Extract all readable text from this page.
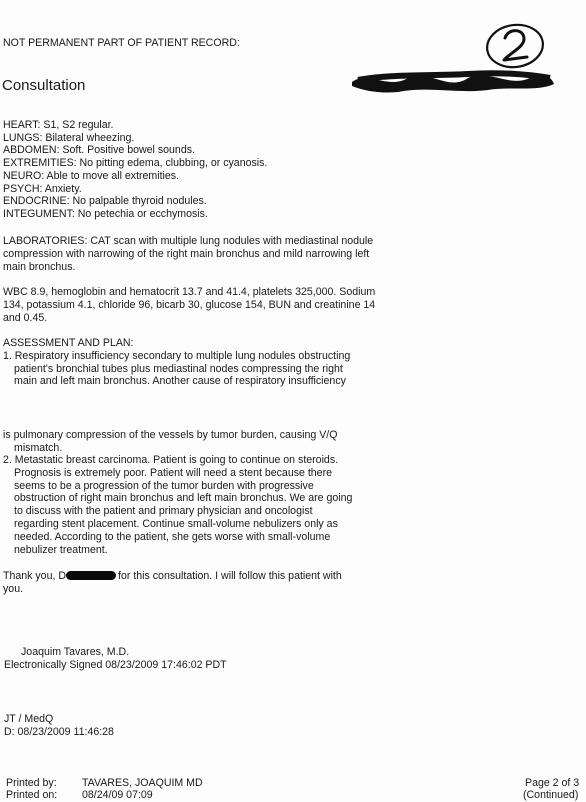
NOT PERMANENT PART OF PATIENT RECORD:
Consultation
HEART: S1, S2 regular.
LUNGS: Bilateral wheezing.
ABDOMEN: Soft. Positive bowel sounds.
EXTREMITIES: No pitting edema, clubbing, or cyanosis.
NEURO: Able to move all extremities.
PSYCH: Anxiety.
ENDOCRINE: No palpable thyroid nodules.
INTEGUMENT: No petechia or ecchymosis.
LABORATORIES: CAT scan with multiple lung nodules with mediastinal nodule
compression with narrowing of the right main bronchus and mild narrowing left
main bronchus.
WBC 8.9, hemoglobin and hematocrit 13.7 and 41.4, platelets 325,000. Sodium
134, potassium 4.1, chloride 96, bicarb 30, glucose 154, BUN and creatinine 14
and 0.45.
ASSESSMENT AND PLAN:
1. Respiratory insufficiency secondary to multiple lung nodules obstructing
patient's bronchial tubes plus mediastinal nodes compressing the right
main and left main bronchus. Another cause of respiratory insufficiency
is pulmonary compression of the vessels by tumor burden, causing V/Q
mismatch.
2. Metastatic breast carcinoma. Patient is going to continue on steroids.
Prognosis is extremely poor. Patient will need a stent because there
seems to be a progression of the tumor burden with progressive
obstruction of right main bronchus and left main bronchus. We are going
to discuss with the patient and primary physician and oncologist
regarding stent placement. Continue small-volume nebulizers only as
needed. According to the patient, she gets worse with small-volume
nebulizer treatment.
Thank you, D	for this consultation. I will follow this patient with
you.
Joaquim Tavares, M.D.
Electronically Signed 08/23/2009 17:46:02 PDT
JT / MedQ
D: 08/23/2009 11:46:28
Printed by: TAVARES, JOAQUIM MD
Printed on: 08/24/09 07:09
Page 2 of 3
(Continued)
